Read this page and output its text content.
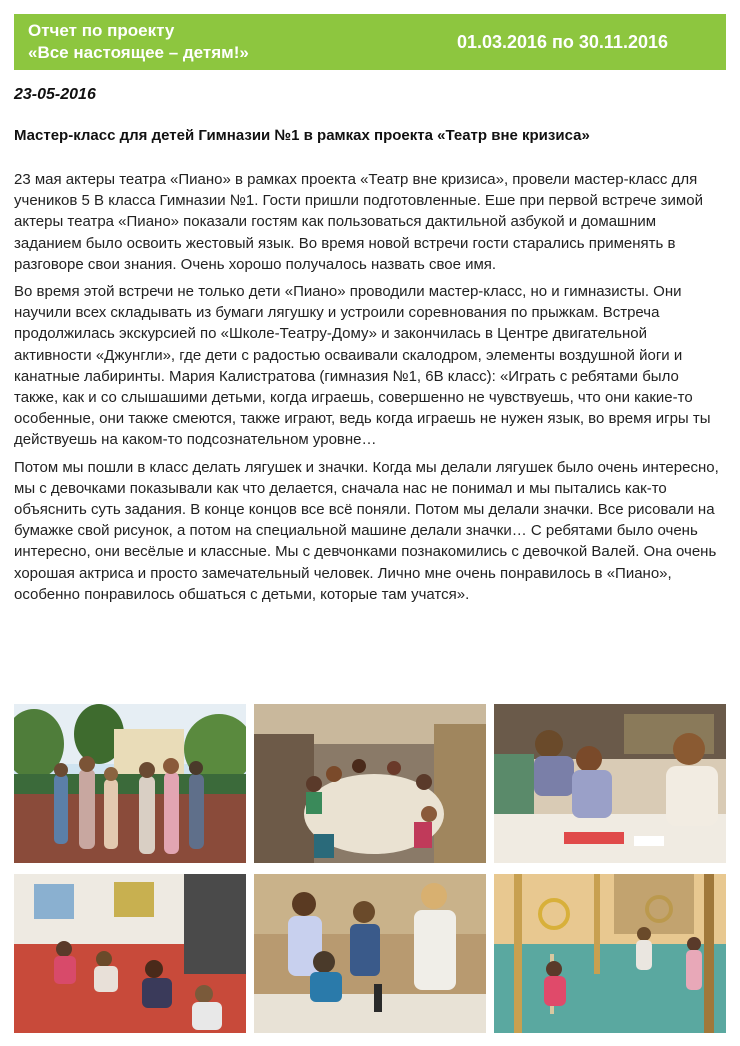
Отчет по проекту
«Все настоящее – детям!»
01.03.2016 по 30.11.2016
23-05-2016
Мастер-класс для детей Гимназии №1 в рамках проекта «Театр вне кризиса»

23 мая актеры театра «Пиано» в рамках проекта «Театр вне кризиса», провели мастер-класс для учеников 5 В класса Гимназии №1. Гости пришли подготовленные. Еше при первой встрече зимой актеры театра «Пиано» показали гостям как пользоваться дактильной азбукой и домашним заданием было освоить жестовый язык. Во время новой встречи гости старались применять в разговоре свои знания. Очень хорошо получалось назвать свое имя.

Во время этой встречи не только дети «Пиано» проводили мастер-класс, но и гимназисты. Они научили всех складывать из бумаги лягушку и устроили соревнования по прыжкам. Встреча продолжилась экскурсией по «Школе-Театру-Дому» и закончилась в Центре двигательной активности «Джунгли», где дети с радостью осваивали скалодром, элементы воздушной йоги и канатные лабиринты. Мария Калистратова (гимназия №1, 6В класс): «Играть с ребятами было также, как и со слышашими детьми, когда играешь, совершенно не чувствуешь, что они какие-то особенные, они также смеются, также играют, ведь когда играешь не нужен язык, во время игры ты действуешь на каком-то подсознательном уровне…

Потом мы пошли в класс делать лягушек и значки. Когда мы делали лягушек было очень интересно, мы с девочками показывали как что делается, сначала нас не понимал и мы пытались как-то объяснить суть задания. В конце концов все всё поняли. Потом мы делали значки. Все рисовали на бумажке свой рисунок, а потом на специальной машине делали значки… С ребятами было очень интересно, они весёлые и классные. Мы с девчонками познакомились с девочкой Валей. Она очень хорошая актриса и просто замечательный человек. Лично мне очень понравилось в «Пиано», особенно понравилось обшаться с детьми, которые там учатся».
